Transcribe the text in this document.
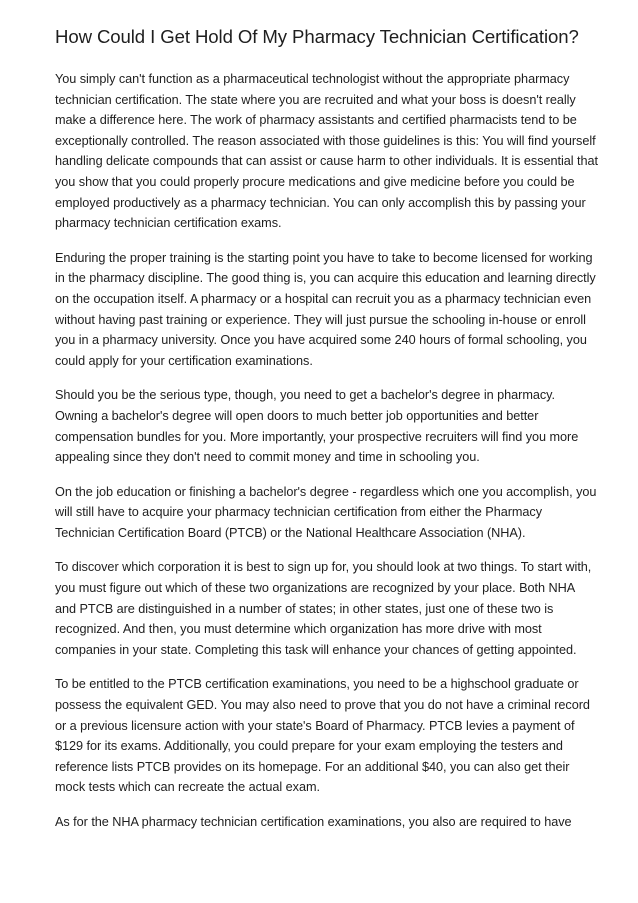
How Could I Get Hold Of My Pharmacy Technician Certification?

You simply can't function as a pharmaceutical technologist without the appropriate pharmacy technician certification. The state where you are recruited and what your boss is doesn't really make a difference here. The work of pharmacy assistants and certified pharmacists tend to be exceptionally controlled. The reason associated with those guidelines is this: You will find yourself handling delicate compounds that can assist or cause harm to other individuals. It is essential that you show that you could properly procure medications and give medicine before you could be employed productively as a pharmacy technician. You can only accomplish this by passing your pharmacy technician certification exams.

Enduring the proper training is the starting point you have to take to become licensed for working in the pharmacy discipline. The good thing is, you can acquire this education and learning directly on the occupation itself. A pharmacy or a hospital can recruit you as a pharmacy technician even without having past training or experience. They will just pursue the schooling in-house or enroll you in a pharmacy university. Once you have acquired some 240 hours of formal schooling, you could apply for your certification examinations.

Should you be the serious type, though, you need to get a bachelor's degree in pharmacy. Owning a bachelor's degree will open doors to much better job opportunities and better compensation bundles for you. More importantly, your prospective recruiters will find you more appealing since they don't need to commit money and time in schooling you.

On the job education or finishing a bachelor's degree - regardless which one you accomplish, you will still have to acquire your pharmacy technician certification from either the Pharmacy Technician Certification Board (PTCB) or the National Healthcare Association (NHA).

To discover which corporation it is best to sign up for, you should look at two things. To start with, you must figure out which of these two organizations are recognized by your place. Both NHA and PTCB are distinguished in a number of states; in other states, just one of these two is recognized. And then, you must determine which organization has more drive with most companies in your state. Completing this task will enhance your chances of getting appointed.

To be entitled to the PTCB certification examinations, you need to be a highschool graduate or possess the equivalent GED. You may also need to prove that you do not have a criminal record or a previous licensure action with your state's Board of Pharmacy. PTCB levies a payment of $129 for its exams. Additionally, you could prepare for your exam employing the testers and reference lists PTCB provides on its homepage. For an additional $40, you can also get their mock tests which can recreate the actual exam.

As for the NHA pharmacy technician certification examinations, you also are required to have
